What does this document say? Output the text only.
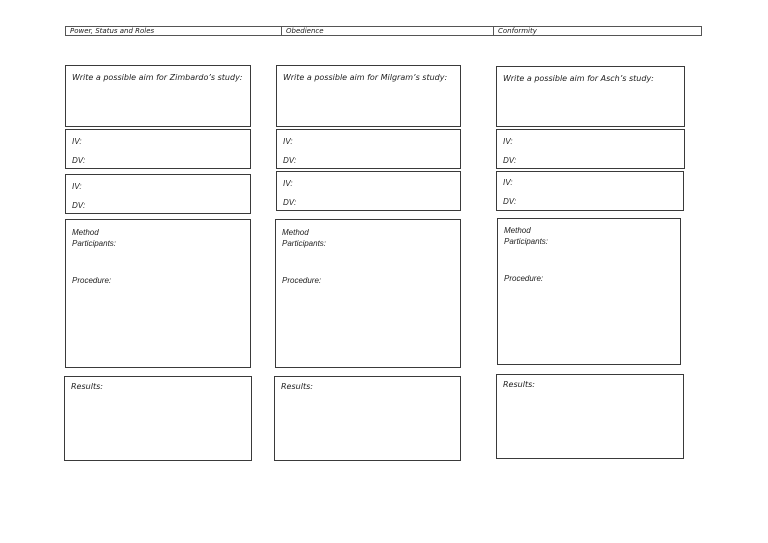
Power, Status and Roles	Obedience	Conformity
Write a possible aim for Zimbardo’s study:
IV:
DV:
IV:
DV:
Method
Participants:
Procedure:
Results:
Write a possible aim for Milgram’s study:
IV:
DV:
IV:
DV:
Method
Participants:
Procedure:
Results:
Write a possible aim for Asch’s study:
IV:
DV:
IV:
DV:
Method
Participants:
Procedure:
Results:
